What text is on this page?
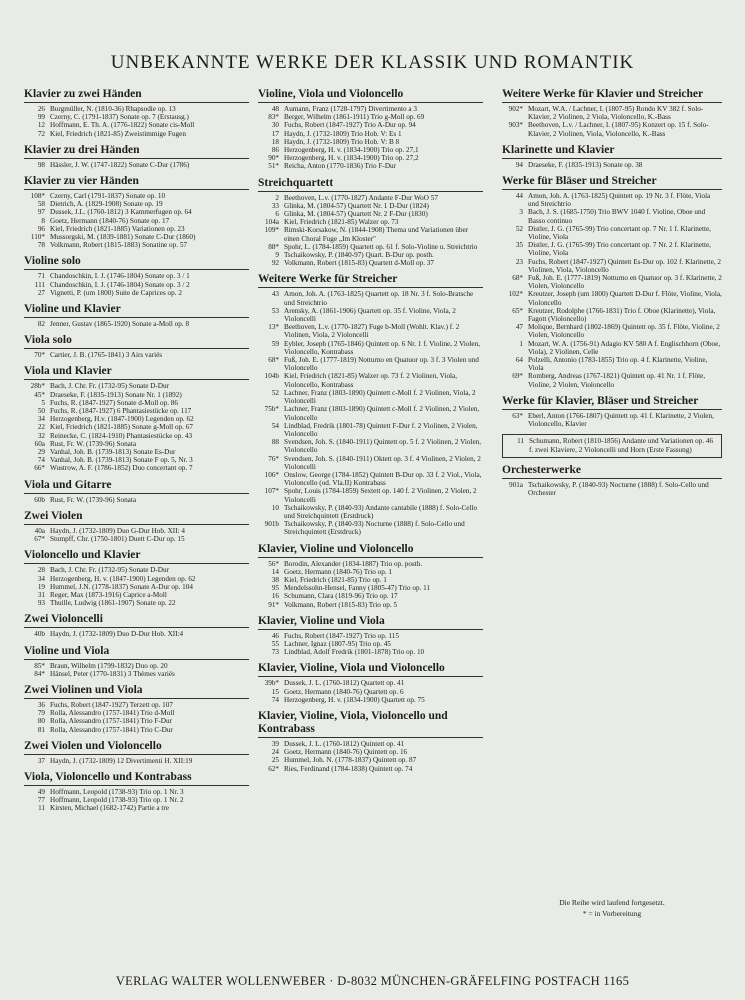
UNBEKANNTE WERKE DER KLASSIK UND ROMANTIK
Klavier zu zwei Händen
26 Burgmüller, N. (1810-36) Rhapsodie op. 13
99 Czerny, C. (1791-1837) Sonate op. 7 (Erstausg.)
12 Hoffmann, E. Th. A. (1776-1822) Sonate cis-Moll
72 Kiel, Friedrich (1821-85) Zweistimmige Fugen
Klavier zu drei Händen
98 Hässler, J. W. (1747-1822) Sonate C-Dur (1786)
Klavier zu vier Händen
108* Czerny, Carl (1791-1837) Sonate op. 10
58 Dietrich, A. (1829-1908) Sonate op. 19
97 Dussek, J.L. (1760-1812) 3 Kammerfugen op. 64
8 Goetz, Hermann (1840-76) Sonate op. 17
96 Kiel, Friedrich (1821-1885) Variationen op. 23
110* Mussorgski, M. (1839-1881) Sonate C-Dur (1860)
78 Volkmann, Robert (1815-1883) Sonatine op. 57
Violine solo
71 Chandoschkin, I. J. (1746-1804) Sonate op. 3 / 1
111 Chandoschkin, I. J. (1746-1804) Sonate op. 3 / 2
27 Vignetti, P. (um 1800) Suite de Caprices op. 2
Violine und Klavier
82 Jenner, Gustav (1865-1920) Sonate a-Moll op. 8
Viola solo
70* Cartier, J. B. (1765-1841) 3 Airs variés
Viola und Klavier
28b* Bach, J. Chr. Fr. (1732-95) Sonate D-Dur
45* Draeseke, F. (1835-1913) Sonate Nr. 1 (1892)
5 Fuchs, R. (1847-1927) Sonate d-Moll op. 86
50 Fuchs, R. (1847-1927) 6 Phantasiestücke op. 117
34 Herzogenberg, H.v. (1847-1900) Legenden op. 62
22 Kiel, Friedrich (1821-1885) Sonate g-Moll op. 67
32 Reinecke, C. (1824-1910) Phantasiestücke op. 43
60a Rust, Fr. W. (1739-96) Sonata
29 Vanhal, Joh. B. (1739-1813) Sonate Es-Dur
74 Vanhal, Joh. B. (1739-1813) Sonate F op. 5, Nr. 3
66* Wustrow, A. F. (1786-1852) Duo concertant op. 7
Viola und Gitarre
60b Rust, Fr. W. (1739-96) Sonata
Zwei Violen
40a Haydn, J. (1732-1809) Duo G-Dur Hob. XII: 4
67* Stumpff, Chr. (1750-1801) Duett C-Dur op. 15
Violoncello und Klavier
28 Bach, J. Chr. Fr. (1732-95) Sonate D-Dur
34 Herzogenberg, H. v. (1847-1900) Legenden op. 62
19 Hummel, J.N. (1778-1837) Sonate A-Dur op. 104
31 Reger, Max (1873-1916) Caprice a-Moll
93 Thuille, Ludwig (1861-1907) Sonate op. 22
Zwei Violoncelli
40b Haydn, J. (1732-1809) Duo D-Dur Hob. XII:4
Violine und Viola
85* Braun, Wilhelm (1799-1832) Duo op. 20
84* Hänsel, Peter (1770-1831) 3 Thèmes variés
Zwei Violinen und Viola
36 Fuchs, Robert (1847-1927) Terzett op. 107
79 Rolla, Alessandro (1757-1841) Trio d-Moll
80 Rolla, Alessandro (1757-1841) Trio F-Dur
81 Rolla, Alessandro (1757-1841) Trio C-Dur
Zwei Violen und Violoncello
37 Haydn, J. (1732-1809) 12 Divertimenti H. XII:19
Viola, Violoncello und Kontrabass
49 Hoffmann, Leopold (1738-93) Trio op. 1 Nr. 3
77 Hoffmann, Leopold (1738-93) Trio op. 1 Nr. 2
11 Kirsten, Michael (1682-1742) Partie a tre
Violine, Viola und Violoncello
48 Aumann, Franz (1728-1797) Divertimento a 3
83* Berger, Wilhelm (1861-1911) Trio g-Moll op. 69
30 Fuchs, Robert (1847-1927) Trio A-Dur op. 94
17 Haydn, J. (1732-1809) Trio Hob. V: Es 1
18 Haydn, J. (1732-1809) Trio Hob. V: B 8
86 Herzogenberg, H. v. (1834-1900) Trio op. 27,1
90* Herzogenberg, H. v. (1834-1900) Trio op. 27,2
51* Reicha, Anton (1770-1836) Trio F-Dur
Streichquartett
2 Beethoven, L.v. (1770-1827) Andante F-Dur WoO 57
33 Glinka, M. (1804-57) Quartett Nr. 1 D-Dur (1824)
6 Glinka, M. (1804-57) Quartett Nr. 2 F-Dur (1830)
104a Kiel, Friedrich (1821-85) Walzer op. 73
109* Rimski-Korsakow, N. (1844-1908) Thema und Variationen über einen Choral Fuge „Im Kloster"
88* Spohr, L. (1784-1859) Quartett op. 61 f. Solo-Violine u. Streichtrio
9 Tschaikowsky, P. (1840-97) Quart. B-Dur op. posth.
92 Volkmann, Robert (1815-83) Quartett d-Moll op. 37
Weitere Werke für Streicher
43 Amon, Joh. A. (1763-1825) Quartett op. 18 Nr. 3 f. Solo-Bratsche und Streichtrio
53 Arensky, A. (1861-1906) Quartett op. 35 f. Violine, Viola, 2 Violoncelli
13* Beethoven, L.v. (1770-1827) Fuge b-Moll (Wohlt. Klav.) f. 2 Violinen, Viola, 2 Violoncelli
59 Eybler, Joseph (1765-1846) Quintett op. 6 Nr. 1 f. Violine, 2 Violen, Violoncello, Kontrabass
68* Fuß, Joh. E. (1777-1819) Notturno en Quatuor op. 3 f. 3 Violen und Violoncello
104b Kiel, Friedrich (1821-85) Walzer op. 73 f. 2 Violinen, Viola, Violoncello, Kontrabass
52 Lachner, Franz (1803-1890) Quintett c-Moll f. 2 Violinen, Viola, 2 Violoncelli
75b* Lachner, Franz (1803-1890) Quintett c-Moll f. 2 Violinen, 2 Violen, Violoncello
54 Lindblad, Fredrik (1801-78) Quintett F-Dur f. 2 Violinen, 2 Violen, Violoncello
88 Svendsen, Joh. S. (1840-1911) Quintett op. 5 f. 2 Violinen, 2 Violen, Violoncello
76* Svendsen, Joh. S. (1840-1911) Oktett op. 3 f. 4 Violinen, 2 Violen, 2 Violoncelli
106* Onslow, George (1784-1852) Quintett B-Dur op. 33 f. 2 Viol., Viola, Violoncello (od. Vla.II) Kontrabass
107* Spohr, Louis (1784-1859) Sextett op. 140 f. 2 Violinen, 2 Violen, 2 Violoncelli
10 Tschaikowsky, P. (1840-93) Andante cantabile (1888) f. Solo-Cello und Streichquintett (Erstdruck)
901b Tschaikowsky, P. (1840-93) Nocturne (1888) f. Solo-Cello und Streichquintett (Erstdruck)
Klavier, Violine und Violoncello
56* Borodin, Alexander (1834-1887) Trio op. posth.
14 Goetz, Hermann (1840-76) Trio op. 1
38 Kiel, Friedrich (1821-85) Trio op. 1
95 Mendelssohn-Hensel, Fanny (1805-47) Trio op. 11
16 Schumann, Clara (1819-96) Trio op. 17
91* Volkmann, Robert (1815-83) Trio op. 5
Klavier, Violine und Viola
46 Fuchs, Robert (1847-1927) Trio op. 115
55 Lachner, Ignaz (1807-95) Trio op. 45
73 Lindblad, Adolf Fredrik (1801-1878) Trio op. 10
Klavier, Violine, Viola und Violoncello
39b* Dussek, J. L. (1760-1812) Quartett op. 41
15 Goetz, Hermann (1840-76) Quartett op. 6
74 Herzogenberg, H. v. (1834-1900) Quartett op. 75
Klavier, Violine, Viola, Violoncello und Kontrabass
39 Dussek, J. L. (1760-1812) Quintett op. 41
24 Goetz, Hermann (1840-76) Quintett op. 16
25 Hummel, Joh. N. (1778-1837) Quintett op. 87
62* Ries, Ferdinand (1784-1838) Quintett op. 74
Weitere Werke für Klavier und Streicher
902* Mozart, W.A. / Lachner, I. (1807-95) Rondo KV 382 f. Solo-Klavier, 2 Violinen, 2 Viola, Violoncello, K.-Bass
903* Beethoven, L.v. / Lachner, I. (1807-95) Konzert op. 15 f. Solo-Klavier, 2 Violinen, Viola, Violoncello, K.-Bass
Klarinette und Klavier
94 Draeseke, F. (1835-1913) Sonate op. 38
Werke für Bläser und Streicher
44 Amon, Joh. A. (1763-1825) Quintett op. 19 Nr. 3 f. Flöte, Viola und Streichtrio
3 Bach, J. S. (1685-1750) Trio BWV 1040 f. Violine, Oboe und Basso continuo
52 Distler, J. G. (1765-99) Trio concertant op. 7 Nr. 1 f. Klarinette, Violine, Viola
35 Distler, J. G. (1765-99) Trio concertant op. 7 Nr. 2 f. Klarinette, Violine, Viola
23 Fuchs, Robert (1847-1927) Quintett Es-Dur op. 102 f. Klarinette, 2 Violinen, Viola, Violoncello
68* Fuß, Joh. E. (1777-1819) Notturno en Quatuor op. 3 f. Klarinette, 2 Violen, Violoncello
102* Kreutzer, Joseph (um 1800) Quartett D-Dur f. Flöte, Violine, Viola, Violoncello
65* Kreutzer, Rodolphe (1766-1831) Trio f. Oboe (Klarinette), Viola, Fagott (Violoncello)
47 Molique, Bernhard (1802-1869) Quintett op. 35 f. Flöte, Violine, 2 Violen, Violoncello
1 Mozart, W. A. (1756-91) Adagio KV 580 A f. Englischhorn (Oboe, Viola), 2 Violinen, Celle
64 Polzelli, Antonio (1783-1855) Trio op. 4 f. Klarinette, Violine, Viola
69* Romberg, Andreas (1767-1821) Quintett op. 41 Nr. 1 f. Flöte, Violine, 2 Violen, Violoncello
Werke für Klavier, Bläser und Streicher
63* Eberl, Anton (1766-1807) Quintett op. 41 f. Klarinette, 2 Violen, Violoncello, Klavier
11 Schumann, Robert (1810-1856) Andante und Variationen op. 46 f. zwei Klaviere, 2 Violoncelli und Horn (Erste Fassung)
Orchesterwerke
901a Tschaikowsky, P. (1840-93) Nocturne (1888) f. Solo-Cello und Orchester
Die Reihe wird laufend fortgesetzt.
* = in Vorbereitung
VERLAG WALTER WOLLENWEBER · D-8032 MÜNCHEN-GRÄFELFING POSTFACH 1165
